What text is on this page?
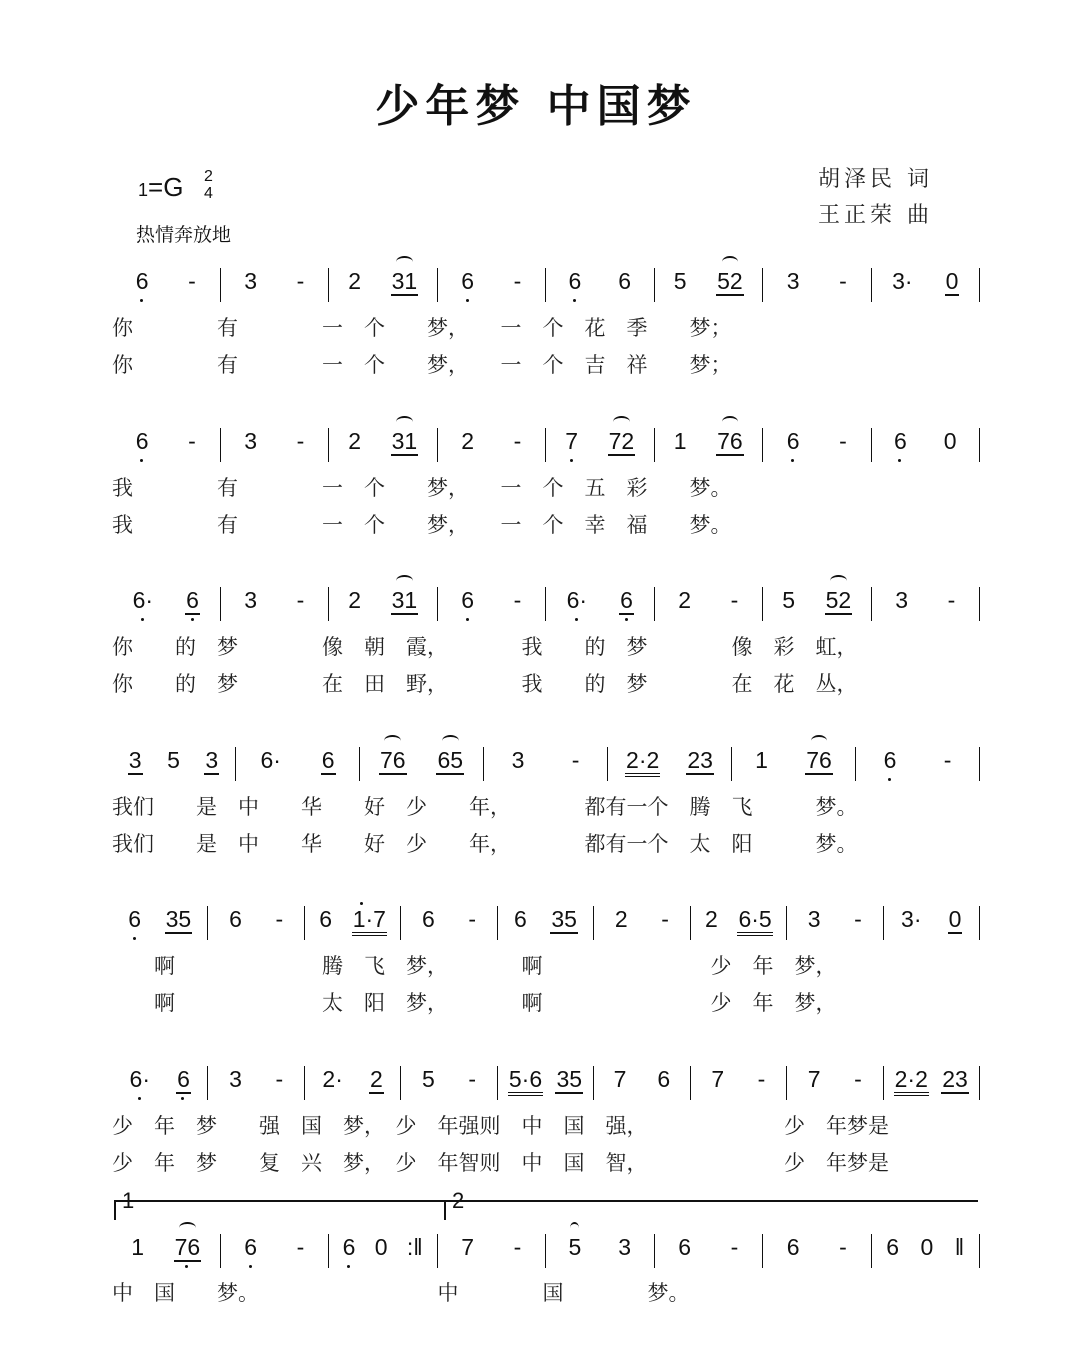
少年梦 中国梦
1=G 2
4
热情奔放地
胡泽民 词
王正荣 曲
1	2
6 - 3 - 2 31 6 - 6 6 5 52 3 - 3· 0
你　　　　有　　　　一　个　　梦，　　一　个　花　季　　梦；
你　　　　有　　　　一　个　　梦，　　一　个　吉　祥　　梦；
6 - 3 - 2 31 2 - 7 72 1 76 6 - 6 0
我　　　　有　　　　一　个　　梦，　　一　个　五　彩　　梦。
我　　　　有　　　　一　个　　梦，　　一　个　幸　福　　梦。
6· 6 3 - 2 31 6 - 6· 6 2 - 5 52 3 -
你　　的　梦　　　　像　朝　霞，　　　　我　　的　梦　　　　像　彩　虹，
你　　的　梦　　　　在　田　野，　　　　我　　的　梦　　　　在　花　丛，
3 5 3 6· 6 76 65 3 - 2·2 23 1 76 6 -
我们　　是　中　　华　　好　少　　年，　　　　都有一个　腾　飞　　　梦。
我们　　是　中　　华　　好　少　　年，　　　　都有一个　太　阳　　　梦。
6 35 6 - 6 1·7 6 - 6 35 2 - 2 6·5 3 - 3· 0
　　啊　　　　　　　腾　飞　梦，　　　　啊　　　　　　　　少　年　梦，
　　啊　　　　　　　太　阳　梦，　　　　啊　　　　　　　　少　年　梦，
6· 6 3 - 2· 2 5 - 5·6 35 7 6 7 - 7 - 2·2 23
少　年　梦　　强　国　梦，　少　年强则　中　国　强，　　　　　　　少　年梦是
少　年　梦　　复　兴　梦，　少　年智则　中　国　智，　　　　　　　少　年梦是
1 76 6 - 6 0 :‖ 7 - 5 3 6 - 6 - 6 0 ‖
中　国　　梦。　　　　　　　　　中　　　　国　　　　梦。
